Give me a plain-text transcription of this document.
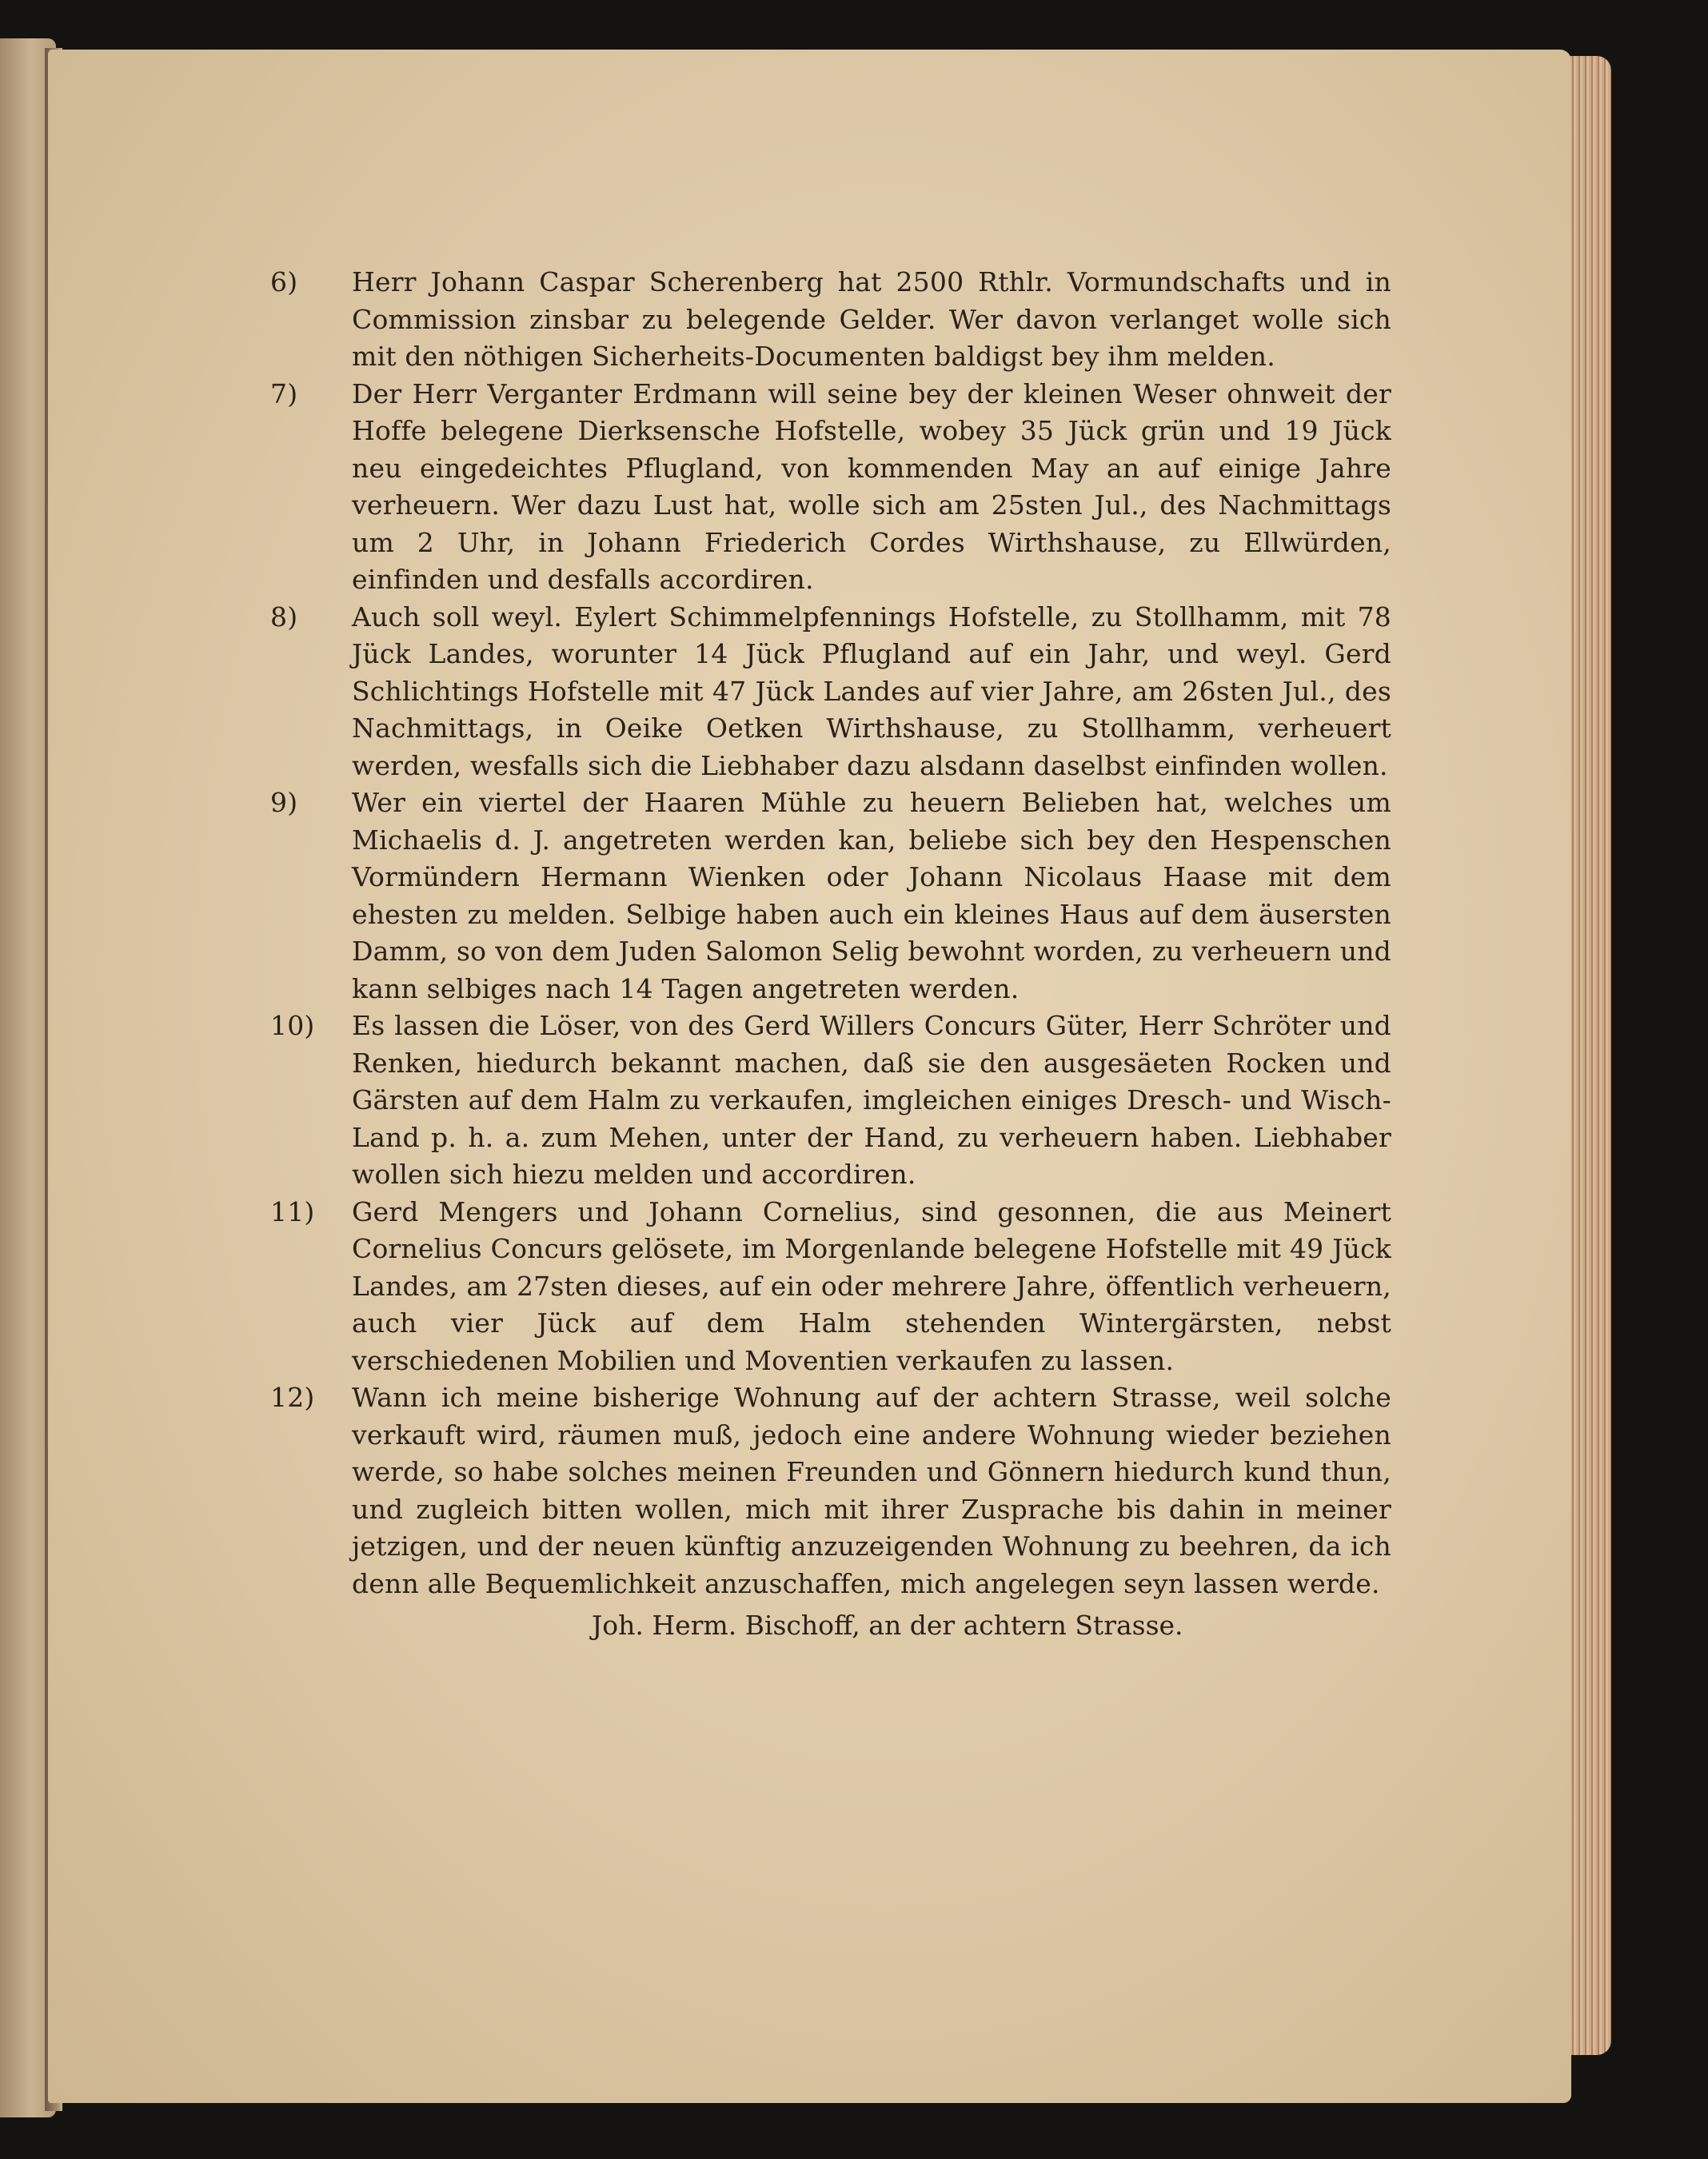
6)	Herr Johann Caspar Scherenberg hat 2500 Rthlr. Vormundschafts und in Commission zinsbar zu belegende Gelder. Wer davon verlanget wolle sich mit den nöthigen Sicherheits-Documenten baldigst bey ihm melden.
7)	Der Herr Verganter Erdmann will seine bey der kleinen Weser ohnweit der Hoffe belegene Dierksensche Hofstelle, wobey 35 Jück grün und 19 Jück neu eingedeichtes Pflugland, von kommenden May an auf einige Jahre verheuern. Wer dazu Lust hat, wolle sich am 25sten Jul., des Nachmittags um 2 Uhr, in Johann Friederich Cordes Wirthshause, zu Ellwürden, einfinden und desfalls accordiren.
8)	Auch soll weyl. Eylert Schimmelpfennings Hofstelle, zu Stollhamm, mit 78 Jück Landes, worunter 14 Jück Pflugland auf ein Jahr, und weyl. Gerd Schlichtings Hofstelle mit 47 Jück Landes auf vier Jahre, am 26sten Jul., des Nachmittags, in Oeike Oetken Wirthshause, zu Stollhamm, verheuert werden, wesfalls sich die Liebhaber dazu alsdann daselbst einfinden wollen.
9)	Wer ein viertel der Haaren Mühle zu heuern Belieben hat, welches um Michaelis d. J. angetreten werden kan, beliebe sich bey den Hespenschen Vormündern Hermann Wienken oder Johann Nicolaus Haase mit dem ehesten zu melden. Selbige haben auch ein kleines Haus auf dem äusersten Damm, so von dem Juden Salomon Selig bewohnt worden, zu verheuern und kann selbiges nach 14 Tagen angetreten werden.
10)	Es lassen die Löser, von des Gerd Willers Concurs Güter, Herr Schröter und Renken, hiedurch bekannt machen, daß sie den ausgesäeten Rocken und Gärsten auf dem Halm zu verkaufen, imgleichen einiges Dresch- und Wisch-Land p. h. a. zum Mehen, unter der Hand, zu verheuern haben. Liebhaber wollen sich hiezu melden und accordiren.
11)	Gerd Mengers und Johann Cornelius, sind gesonnen, die aus Meinert Cornelius Concurs gelösete, im Morgenlande belegene Hofstelle mit 49 Jück Landes, am 27sten dieses, auf ein oder mehrere Jahre, öffentlich verheuern, auch vier Jück auf dem Halm stehenden Wintergärsten, nebst verschiedenen Mobilien und Moventien verkaufen zu lassen.
12)	Wann ich meine bisherige Wohnung auf der achtern Strasse, weil solche verkauft wird, räumen muß, jedoch eine andere Wohnung wieder beziehen werde, so habe solches meinen Freunden und Gönnern hiedurch kund thun, und zugleich bitten wollen, mich mit ihrer Zusprache bis dahin in meiner jetzigen, und der neuen künftig anzuzeigenden Wohnung zu beehren, da ich denn alle Bequemlichkeit anzuschaffen, mich angelegen seyn lassen werde.
Joh. Herm. Bischoff, an der achtern Strasse.
